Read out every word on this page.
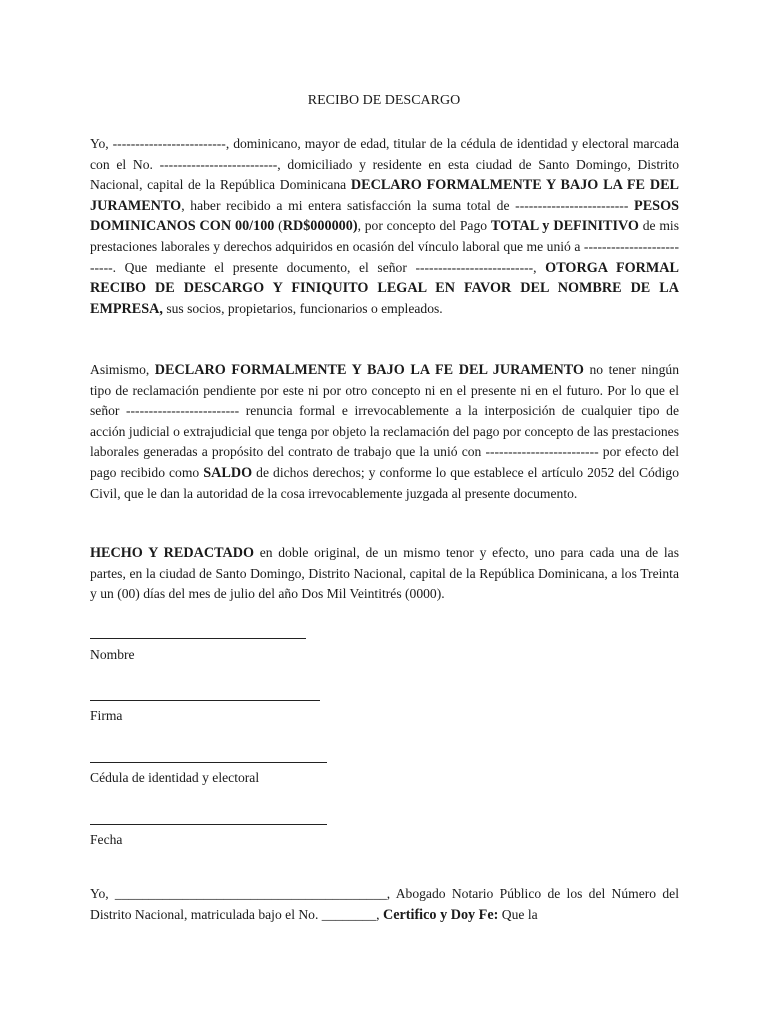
RECIBO DE DESCARGO
Yo, -------------------------, dominicano, mayor de edad, titular de la cédula de identidad y electoral marcada con el No. --------------------------, domiciliado y residente en esta ciudad de Santo Domingo, Distrito Nacional, capital de la República Dominicana DECLARO FORMALMENTE Y BAJO LA FE DEL JURAMENTO, haber recibido a mi entera satisfacción la suma total de ------------------------- PESOS DOMINICANOS CON 00/100 (RD$000000), por concepto del Pago TOTAL y DEFINITIVO de mis prestaciones laborales y derechos adquiridos en ocasión del vínculo laboral que me unió a --------------------------. Que mediante el presente documento, el señor --------------------------, OTORGA FORMAL RECIBO DE DESCARGO Y FINIQUITO LEGAL EN FAVOR DEL NOMBRE DE LA EMPRESA, sus socios, propietarios, funcionarios o empleados.
Asimismo, DECLARO FORMALMENTE Y BAJO LA FE DEL JURAMENTO no tener ningún tipo de reclamación pendiente por este ni por otro concepto ni en el presente ni en el futuro. Por lo que el señor ------------------------- renuncia formal e irrevocablemente a la interposición de cualquier tipo de acción judicial o extrajudicial que tenga por objeto la reclamación del pago por concepto de las prestaciones laborales generadas a propósito del contrato de trabajo que la unió con ------------------------- por efecto del pago recibido como SALDO de dichos derechos; y conforme lo que establece el artículo 2052 del Código Civil, que le dan la autoridad de la cosa irrevocablemente juzgada al presente documento.
HECHO Y REDACTADO en doble original, de un mismo tenor y efecto, uno para cada una de las partes, en la ciudad de Santo Domingo, Distrito Nacional, capital de la República Dominicana, a los Treinta y un (00) días del mes de julio del año Dos Mil Veintitrés (0000).
Nombre
Firma
Cédula de identidad y electoral
Fecha
Yo, ________________________________________, Abogado Notario Público de los del Número del Distrito Nacional, matriculada bajo el No. ________, Certifico y Doy Fe: Que la
